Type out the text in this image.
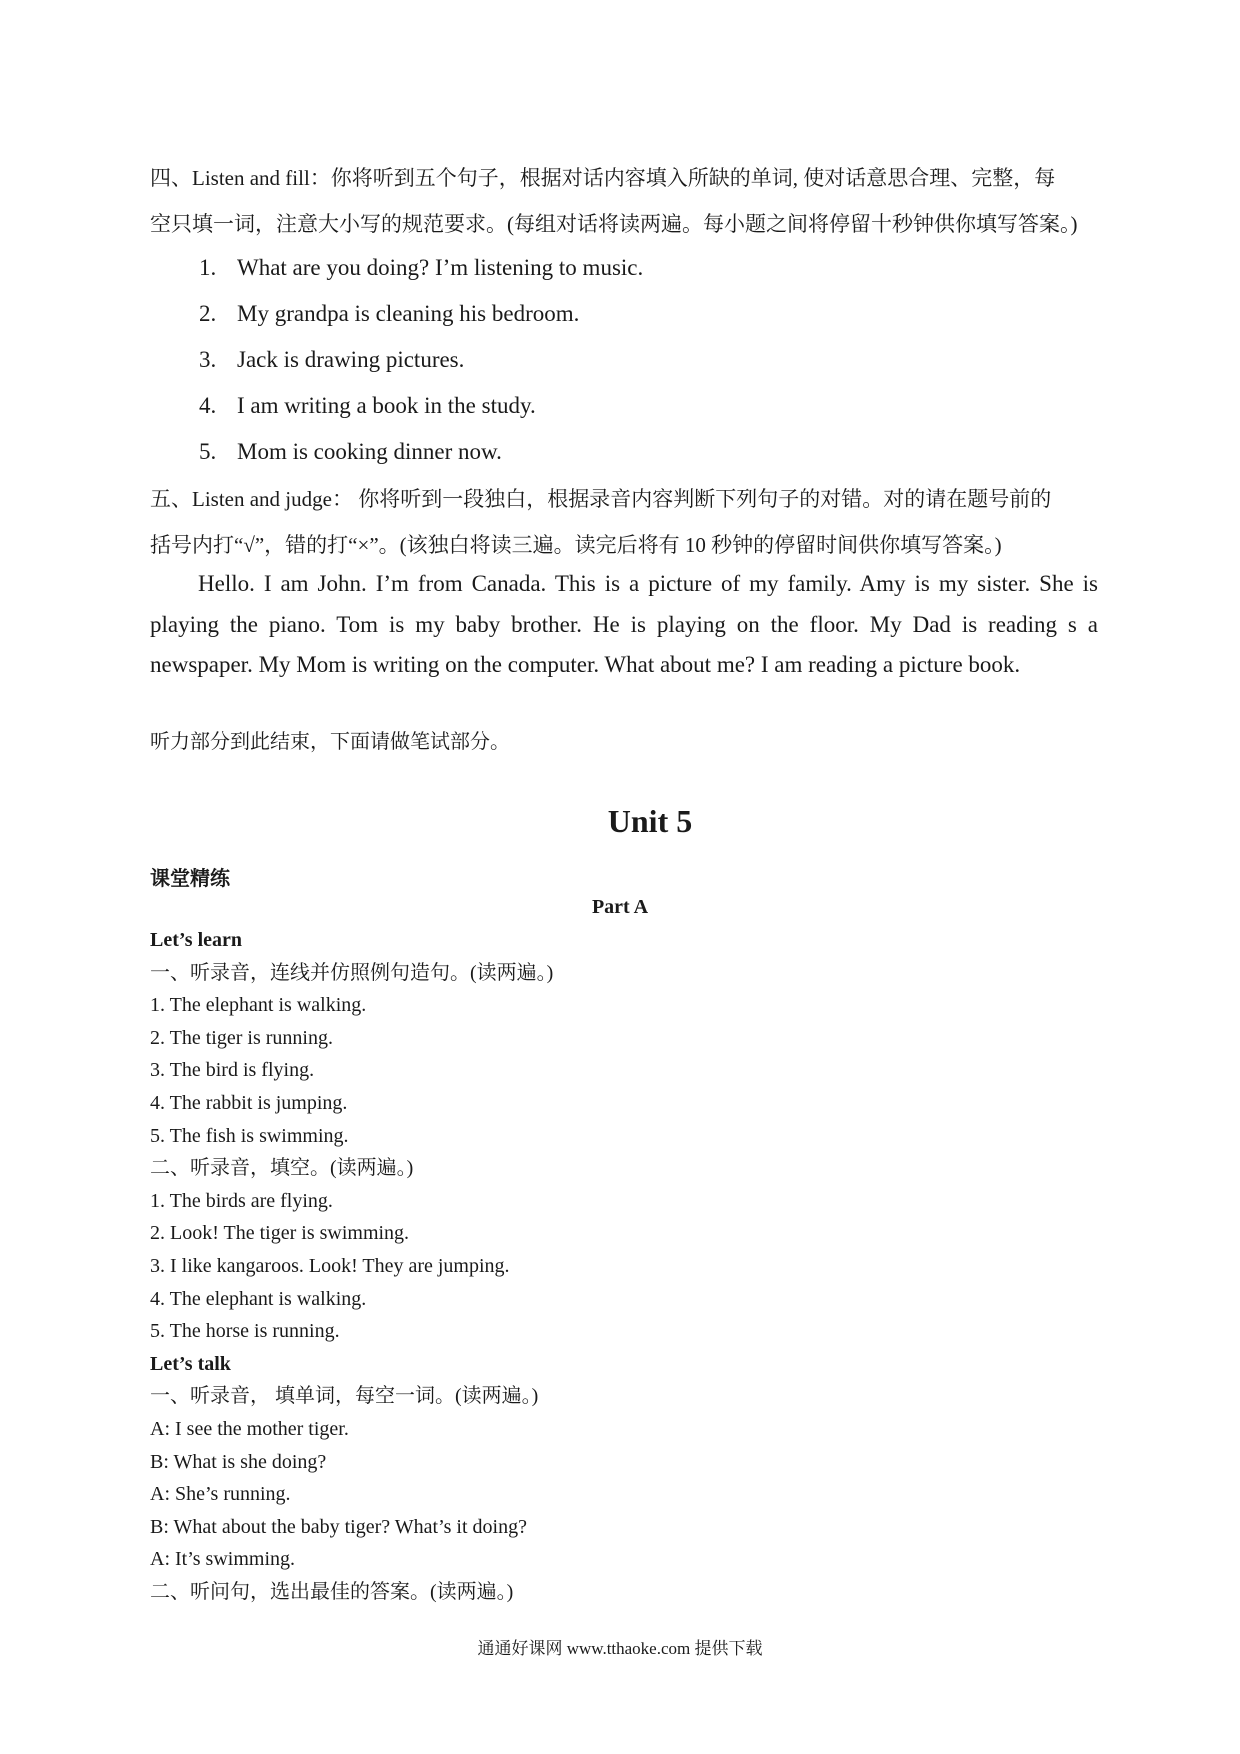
四、Listen and fill：你将听到五个句子，根据对话内容填入所缺的单词, 使对话意思合理、完整，每
空只填一词，注意大小写的规范要求。(每组对话将读两遍。每小题之间将停留十秒钟供你填写答案。)
1. What are you doing? I’m listening to music.
2. My grandpa is cleaning his bedroom.
3. Jack is drawing pictures.
4. I am writing a book in the study.
5. Mom is cooking dinner now.
五、Listen and judge： 你将听到一段独白，根据录音内容判断下列句子的对错。对的请在题号前的
括号内打“√”，错的打“×”。(该独白将读三遍。读完后将有 10 秒钟的停留时间供你填写答案。)
Hello. I am John. I’m from Canada. This is a picture of my family. Amy is my sister. She is playing the piano. Tom is my baby brother. He is playing on the floor. My Dad is reading s a newspaper. My Mom is writing on the computer. What about me? I am reading a picture book.
听力部分到此结束，下面请做笔试部分。
Unit 5
课堂精练
Part A
Let’s learn
一、听录音，连线并仿照例句造句。(读两遍。)
1. The elephant is walking.
2. The tiger is running.
3. The bird is flying.
4. The rabbit is jumping.
5. The fish is swimming.
二、听录音，填空。(读两遍。)
1. The birds are flying.
2. Look! The tiger is swimming.
3. I like kangaroos. Look! They are jumping.
4. The elephant is walking.
5. The horse is running.
Let’s talk
一、听录音， 填单词，每空一词。(读两遍。)
A: I see the mother tiger.
B: What is she doing?
A: She’s running.
B: What about the baby tiger? What’s it doing?
A: It’s swimming.
二、听问句，选出最佳的答案。(读两遍。)
通通好课网 www.tthaoke.com 提供下载
